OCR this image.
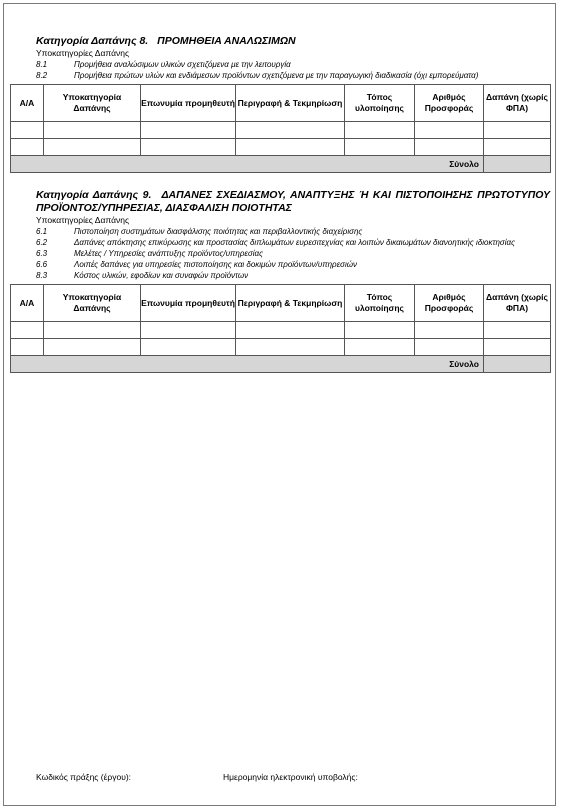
Κατηγορία Δαπάνης 8. ΠΡΟΜΗΘΕΙΑ ΑΝΑΛΩΣΙΜΩΝ
Υποκατηγορίες Δαπάνης
8.1	Προμήθεια αναλώσιμων υλικών σχετιζόμενα με την λειτουργία
8.2	Προμήθεια πρώτων υλών και ενδιάμεσων προϊόντων σχετιζόμενα με την παραγωγική διαδικασία (όχι εμπορεύματα)
Α/Α	Υποκατηγορία Δαπάνης	Επωνυμία προμηθευτή	Περιγραφή & Τεκμηρίωση	Τόπος υλοποίησης	Αριθμός Προσφοράς	Δαπάνη (χωρίς ΦΠΑ)

Σύνολο						
Κατηγορία Δαπάνης 9. ΔΑΠΑΝΕΣ ΣΧΕΔΙΑΣΜΟΥ, ΑΝΑΠΤΥΞΗΣ Ή ΚΑΙ ΠΙΣΤΟΠΟΙΗΣΗΣ ΠΡΩΤΟΤΥΠΟΥ ΠΡΟΪΟΝΤΟΣ/ΥΠΗΡΕΣΙΑΣ, ΔΙΑΣΦΑΛΙΣΗ ΠΟΙΟΤΗΤΑΣ
Υποκατηγορίες Δαπάνης
6.1	Πιστοποίηση συστημάτων διασφάλισης ποιότητας και περιβαλλοντικής διαχείρισης
6.2	Δαπάνες απόκτησης επικύρωσης και προστασίας διπλωμάτων ευρεσιτεχνίας και λοιπών δικαιωμάτων διανοητικής ιδιοκτησίας
6.3	Μελέτες / Υπηρεσίες ανάπτυξης προϊόντος/υπηρεσίας
6.6	Λοιπές δαπάνες για υπηρεσίες πιστοποίησης και δοκιμών προϊόντων/υπηρεσιών
8.3	Κόστος υλικών, εφοδίων και συναφών προϊόντων
Α/Α	Υποκατηγορία Δαπάνης	Επωνυμία προμηθευτή	Περιγραφή & Τεκμηρίωση	Τόπος υλοποίησης	Αριθμός Προσφοράς	Δαπάνη (χωρίς ΦΠΑ)

Σύνολο						
Κωδικός πράξης (έργου):	Ημερομηνία ηλεκτρονική υποβολής:
